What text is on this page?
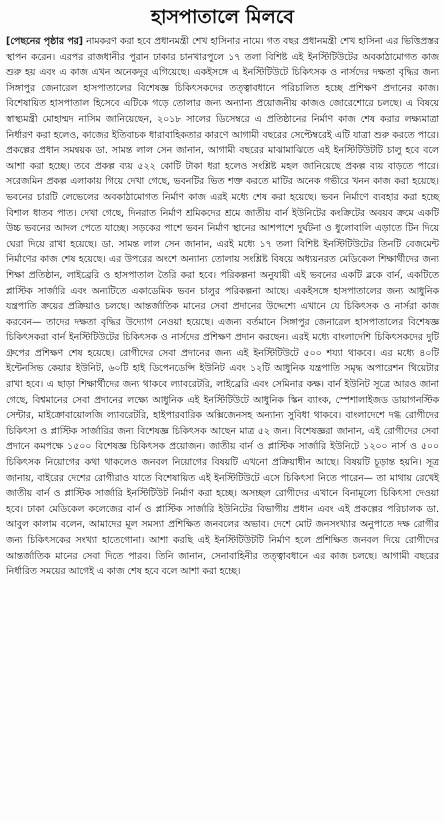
হাসপাতালে মিলবে

[পেছনের পৃষ্ঠার পর] নামকরণ করা হবে প্রধানমন্ত্রী শেখ হাসিনার নামে। গত বছর প্রধানমন্ত্রী শেখ হাসিনা এর ভিত্তিপ্রস্তর স্থাপন করেন। এরপর রাজধানীর পুরান ঢাকার চানখারপুলে ১৭ তলা বিশিষ্ট এই ইনস্টিটিউটের অবকাঠামোগত কাজ শুরু হয় এবং এ কাজ এখন অনেকদূর এগিয়েছে। একইসঙ্গে এ ইনস্টিটিউটে চিকিৎসক ও নার্সদের দক্ষতা বৃদ্ধির জন্য সিঙ্গাপুর জেনারেল হাসপাতালের বিশেষজ্ঞ চিকিৎসকদের তত্ত্বাবধানে পরিচালিত হচ্ছে প্রশিক্ষণ প্রদানের কাজ। বিশেষায়িত হাসপাতাল হিসেবে এটিকে গড়ে তোলার জন্য অন্যান্য প্রয়োজনীয় কাজও জোরেশোরে চলছে। এ বিষয়ে স্বাস্থ্যমন্ত্রী মোহাম্মদ নাসিম জানিয়েছেন, ২০১৮ সালের ডিসেম্বরে এ প্রতিষ্ঠানের নির্মাণ কাজ শেষ করার লক্ষ্যমাত্রা নির্ধারণ করা হলেও, কাজের ইতিবাচক ধারাবাহিকতার কারণে আগামী বছরের সেপ্টেম্বরেই এটি যাত্রা শুরু করতে পারে। প্রকল্পের প্রধান সমন্বয়ক ডা. সামন্ত লাল সেন জানান, আগামী বছরের মাঝামাঝিতে এই ইনস্টিটিউটটি চালু হবে বলে আশা করা হচ্ছে। তবে প্রকল্প ব্যয় ৫২২ কোটি টাকা ধরা হলেও সংশ্লিষ্ট মহল জানিয়েছে প্রকল্প ব্যয় বাড়তে পারে। সরেজমিন প্রকল্প এলাকায় গিয়ে দেখা গেছে, ভবনটির ভিত শক্ত করতে মাটির অনেক গভীরে খনন কাজ করা হয়েছে। ভবনের চারটি লেভেলের অবকাঠামোগত নির্মাণ কাজ এরই মধ্যে শেষ করা হয়েছে। ভবন নির্মাণে ব্যবহার করা হচ্ছে বিশাল ধাতব পাত। দেখা গেছে, দিনরাত নির্মাণ শ্রমিকদের শ্রমে জাতীয় বার্ন ইউনিটের কংক্রিটের অবয়ব ক্রমে একটি উচ্চ ভবনের আদল পেতে যাচ্ছে। সড়কের পাশে ভবন নির্মাণ স্থানের আশপাশে দুর্ঘটনা ও ধুলোবালি এড়াতে টিন দিয়ে ঘেরা দিয়ে রাখা হয়েছে। ডা. সামন্ত লাল সেন জানান, এরই মধ্যে ১৭ তলা বিশিষ্ট ইনস্টিটিউটের তিনটি বেজমেন্ট নির্মাণের কাজ শেষ হয়েছে। এর উপরের অংশে অন্যান্য তোলায় সংশ্লিষ্ট বিষয়ে অধ্যয়নরত মেডিকেল শিক্ষার্থীদের জন্য শিক্ষা প্রতিষ্ঠান, লাইব্রেরি ও হাসপাতাল তৈরি করা হবে। পরিকল্পনা অনুযায়ী এই ভবনের একটি ব্লকে বার্ন, একটিতে প্লাস্টিক সার্জারি এবং অন্যটিতে একাডেমিক ভবন চালুর পরিকল্পনা আছে। একইসঙ্গে হাসপাতালের জন্য আধুনিক যন্ত্রপাতি ক্রয়ের প্রক্রিয়াও চলছে। আন্তর্জাতিক মানের সেবা প্রদানের উদ্দেশ্যে এখানে যে চিকিৎসক ও নার্সরা কাজ করবেন— তাদের দক্ষতা বৃদ্ধির উদ্যোগ নেওয়া হয়েছে। এজন্য বর্তমানে সিঙ্গাপুর জেনারেল হাসপাতালের বিশেষজ্ঞ চিকিৎসকরা বার্ন ইনস্টিটিউটের চিকিৎসক ও নার্সদের প্রশিক্ষণ প্রদান করছেন। এরই মধ্যে বাংলাদেশি চিকিৎসকদের দুটি গ্রুপের প্রশিক্ষণ শেষ হয়েছে। রোগীদের সেবা প্রদানের জন্য এই ইনস্টিটিউটে ৫০০ শয্যা থাকবে। এর মধ্যে ৪০টি ইন্টেনসিভ কেয়ার ইউনিট, ৬০টি হাই ডিপেনডেন্সি ইউনিট এবং ১২টি আধুনিক যন্ত্রপাতি সমৃদ্ধ অপারেশন থিয়েটার রাখা হবে। এ ছাড়া শিক্ষার্থীদের জন্য থাকবে ল্যাবরেটরি, লাইব্রেরি এবং সেমিনার কক্ষ। বার্ন ইউনিট সূত্রে আরও জানা গেছে, বিশ্বমানের সেবা প্রদানের লক্ষ্যে আধুনিক এই ইনস্টিটিউটে আধুনিক স্কিন ব্যাংক, স্পেশালাইজড ডায়াগনস্টিক সেন্টার, মাইক্রোবায়োলজি ল্যাবরেটরি, হাইপারবারিক অক্সিজেনসহ অন্যান্য সুবিধা থাকবে। বাংলাদেশে দগ্ধ রোগীদের চিকিৎসা ও প্লাস্টিক সার্জারির জন্য বিশেষজ্ঞ চিকিৎসক আছেন মাত্র ৫২ জন। বিশেষজ্ঞরা জানান, এই রোগীদের সেবা প্রদানে কমপক্ষে ১৫০০ বিশেষজ্ঞ চিকিৎসক প্রয়োজন। জাতীয় বার্ন ও প্লাস্টিক সার্জারি ইউনিটে ১২০০ নার্স ও ৫০০ চিকিৎসক নিয়োগের কথা থাকলেও জনবল নিয়োগের বিষয়টি এখনো প্রক্রিয়াধীন আছে। বিষয়টি চূড়ান্ত হয়নি। সূত্র জানায়, বাইরের দেশের রোগীরাও যাতে বিশেষায়িত এই ইনস্টিটিউটে এসে চিকিৎসা নিতে পারেন— তা মাথায় রেখেই জাতীয় বার্ন ও প্লাস্টিক সার্জারি ইনস্টিটিউট নির্মাণ করা হচ্ছে। অসচ্ছল রোগীদের এখানে বিনামূল্যে চিকিৎসা দেওয়া হবে। ঢাকা মেডিকেল কলেজের বার্ন ও প্লাস্টিক সার্জারি ইউনিটের বিভাগীয় প্রধান এবং এই প্রকল্পের পরিচালক ডা. আবুল কালাম বলেন, আমাদের মূল সমস্যা প্রশিক্ষিত জনবলের অভাব। দেশে মোট জনসংখ্যার অনুপাতে দক্ষ রোগীর জন্য চিকিৎসকের সংখ্যা হাতেগোনা। আশা করছি এই ইনস্টিটিউটটি নির্মাণ হলে প্রশিক্ষিত জনবল দিয়ে রোগীদের আন্তর্জাতিক মানের সেবা দিতে পারব। তিনি জানান, সেনাবাহিনীর তত্ত্বাবধানে এর কাজ চলছে। আগামী বছরের নির্ধারিত সময়ের আগেই এ কাজ শেষ হবে বলে আশা করা হচ্ছে।
